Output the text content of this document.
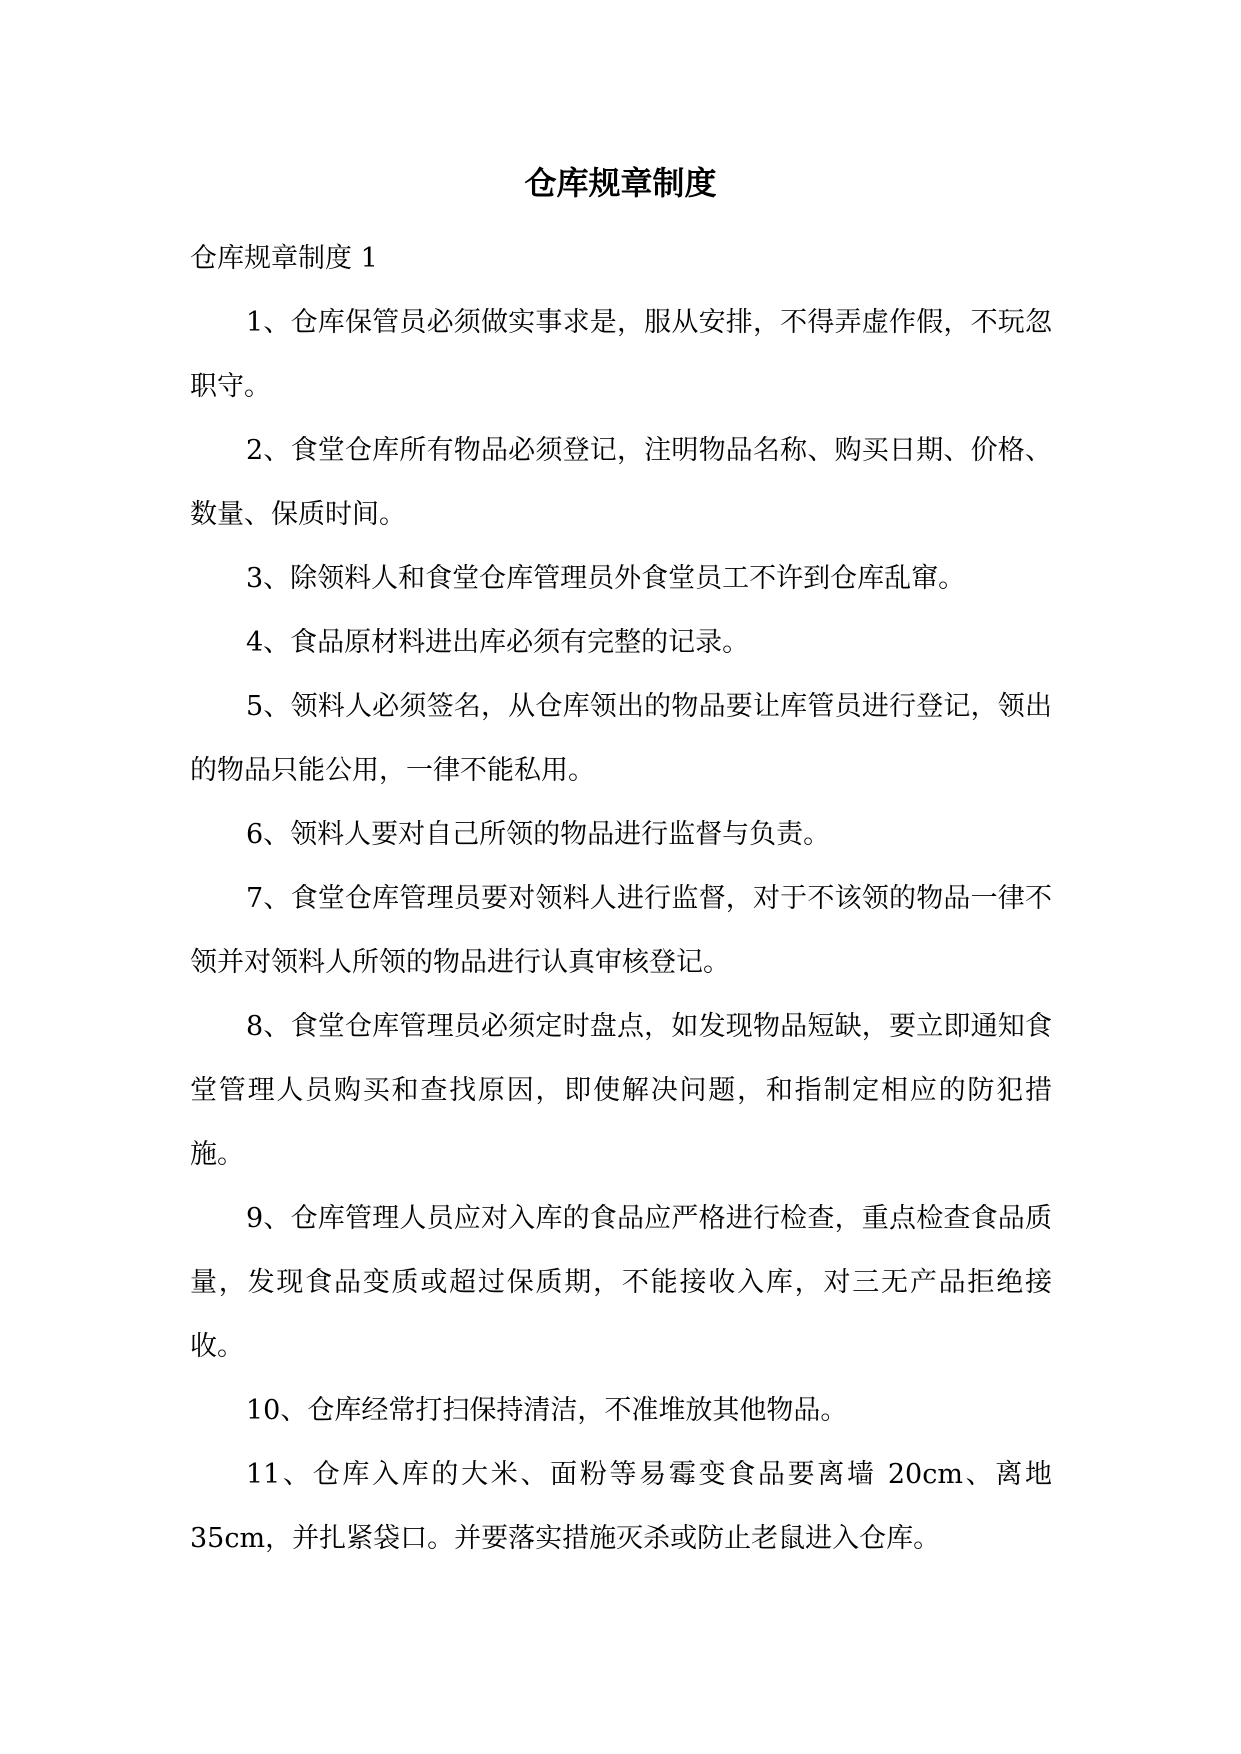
仓库规章制度

仓库规章制度 1

1、仓库保管员必须做实事求是，服从安排，不得弄虚作假，不玩忽职守。

2、食堂仓库所有物品必须登记，注明物品名称、购买日期、价格、数量、保质时间。

3、除领料人和食堂仓库管理员外食堂员工不许到仓库乱窜。

4、食品原材料进出库必须有完整的记录。

5、领料人必须签名，从仓库领出的物品要让库管员进行登记，领出的物品只能公用，一律不能私用。

6、领料人要对自己所领的物品进行监督与负责。

7、食堂仓库管理员要对领料人进行监督，对于不该领的物品一律不领并对领料人所领的物品进行认真审核登记。

8、食堂仓库管理员必须定时盘点，如发现物品短缺，要立即通知食堂管理人员购买和查找原因，即使解决问题，和指制定相应的防犯措施。

9、仓库管理人员应对入库的食品应严格进行检查，重点检查食品质量，发现食品变质或超过保质期，不能接收入库，对三无产品拒绝接收。

10、仓库经常打扫保持清洁，不准堆放其他物品。

11、仓库入库的大米、面粉等易霉变食品要离墙 20cm、离地 35cm，并扎紧袋口。并要落实措施灭杀或防止老鼠进入仓库。
